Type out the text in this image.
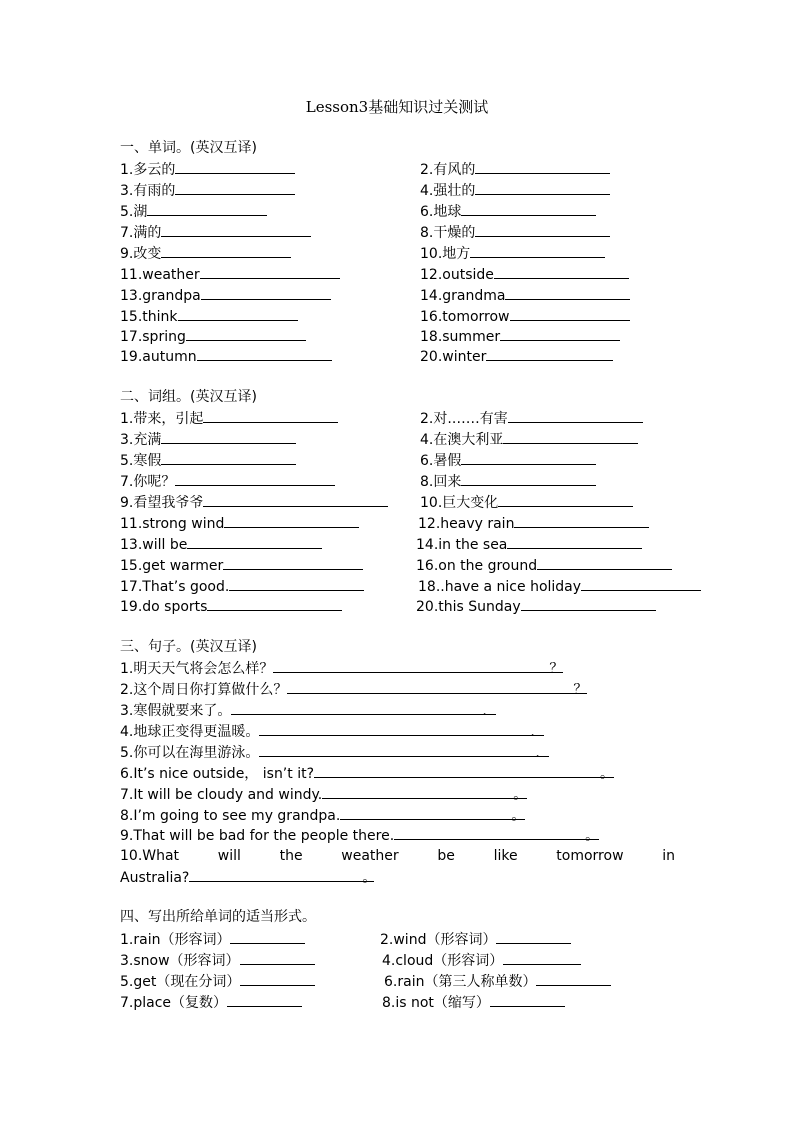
Lesson3基础知识过关测试
一、单词。(英汉互译)
1.多云的	2.有风的
3.有雨的	4.强壮的
5.湖	6.地球
7.满的	8.干燥的
9.改变	10.地方
11.weather	12.outside
13.grandpa	14.grandma
15.think	16.tomorrow
17.spring	18.summer
19.autumn	20.winter
二、词组。(英汉互译)
1.带来，引起	2.对.……有害
3.充满	4.在澳大利亚
5.寒假	6.暑假
7.你呢？	8.回来
9.看望我爷爷	10.巨大变化
11.strong wind	12.heavy rain
13.will be	14.in the sea
15.get warmer	16.on the ground
17.That’s good.	18..have a nice holiday
19.do sports	20.this Sunday
三、句子。(英汉互译)
1.明天天气将会怎么样？	？
2.这个周日你打算做什么？	？
3.寒假就要来了。	.
4.地球正变得更温暖。	.
5.你可以在海里游泳。	.
6.It’s nice outside， isn’t it?	。
7.It will be cloudy and windy.	。
8.I’m going to see my grandpa.	。
9.That will be bad for the people there.	。
10.What	will	the	weather	be	like	tomorrow	in
Australia?	。
四、写出所给单词的适当形式。
1.rain（形容词）	2.wind（形容词）
3.snow（形容词）	4.cloud（形容词）
5.get（现在分词）	6.rain（第三人称单数）
7.place（复数）	8.is not（缩写）
